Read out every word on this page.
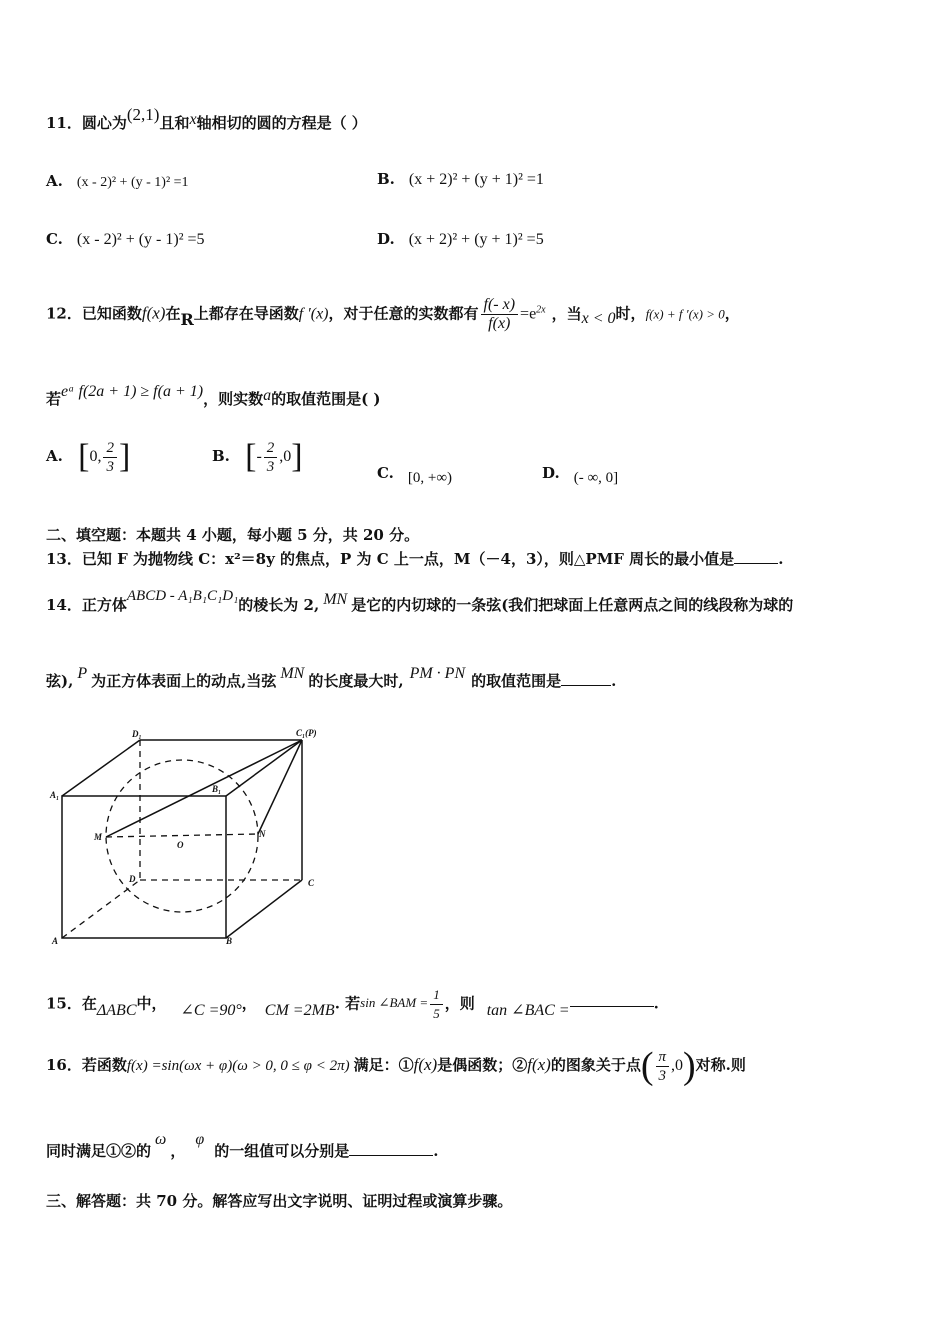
11．圆心为(2,1)且和x轴相切的圆的方程是（ ）
A. (x - 2)² + (y - 1)² =1	B. (x + 2)² + (y + 1)² =1
C. (x - 2)² + (y - 1)² =5	D. (x + 2)² + (y + 1)² =5
12．已知函数f(x)在R上都存在导函数f ′(x)，对于任意的实数都有 $\frac{f(- x)}{f(x)} =e^{2x}$ ，当x < 0时，f(x) + f ′(x) > 0，
若eᵃ f(2a + 1) ≥ f(a + 1)，则实数a的取值范围是( )
A. [0, $\frac{2}{3}$ ]	B. [- $\frac{2}{3} ,0$]	C. [0, +∞)	D. (- ∞, 0]
二、填空题：本题共 4 小题，每小题 5 分，共 20 分。
13．已知 F 为抛物线 C：x²＝8y 的焦点，P 为 C 上一点，M（－4，3），则△PMF 周长的最小值是	.
14．正方体ABCD - A₁B₁C₁D₁的棱长为 2, MN 是它的内切球的一条弦(我们把球面上任意两点之间的线段称为球的
弦), P 为正方体表面上的动点,当弦 MN 的长度最大时, PM · PN 的取值范围是	.
D₁	C₁(P)
A₁
B₁
M	N
O
D	C
A	B
15．在ΔABC中， ∠C =90°， CM =2MB. 若sin ∠BAM = $\frac{1}{5}$ ，则 tan ∠BAC =	.
16．若函数f(x) =sin(ωx + φ)(ω > 0, 0 ≤ φ < 2π) 满足：①f(x)是偶函数；②f(x)的图象关于点( $\frac{\pi}{3} ,0$)对称.则
同时满足①②的ω，φ的一组值可以分别是	.
三、解答题：共 70 分。解答应写出文字说明、证明过程或演算步骤。
